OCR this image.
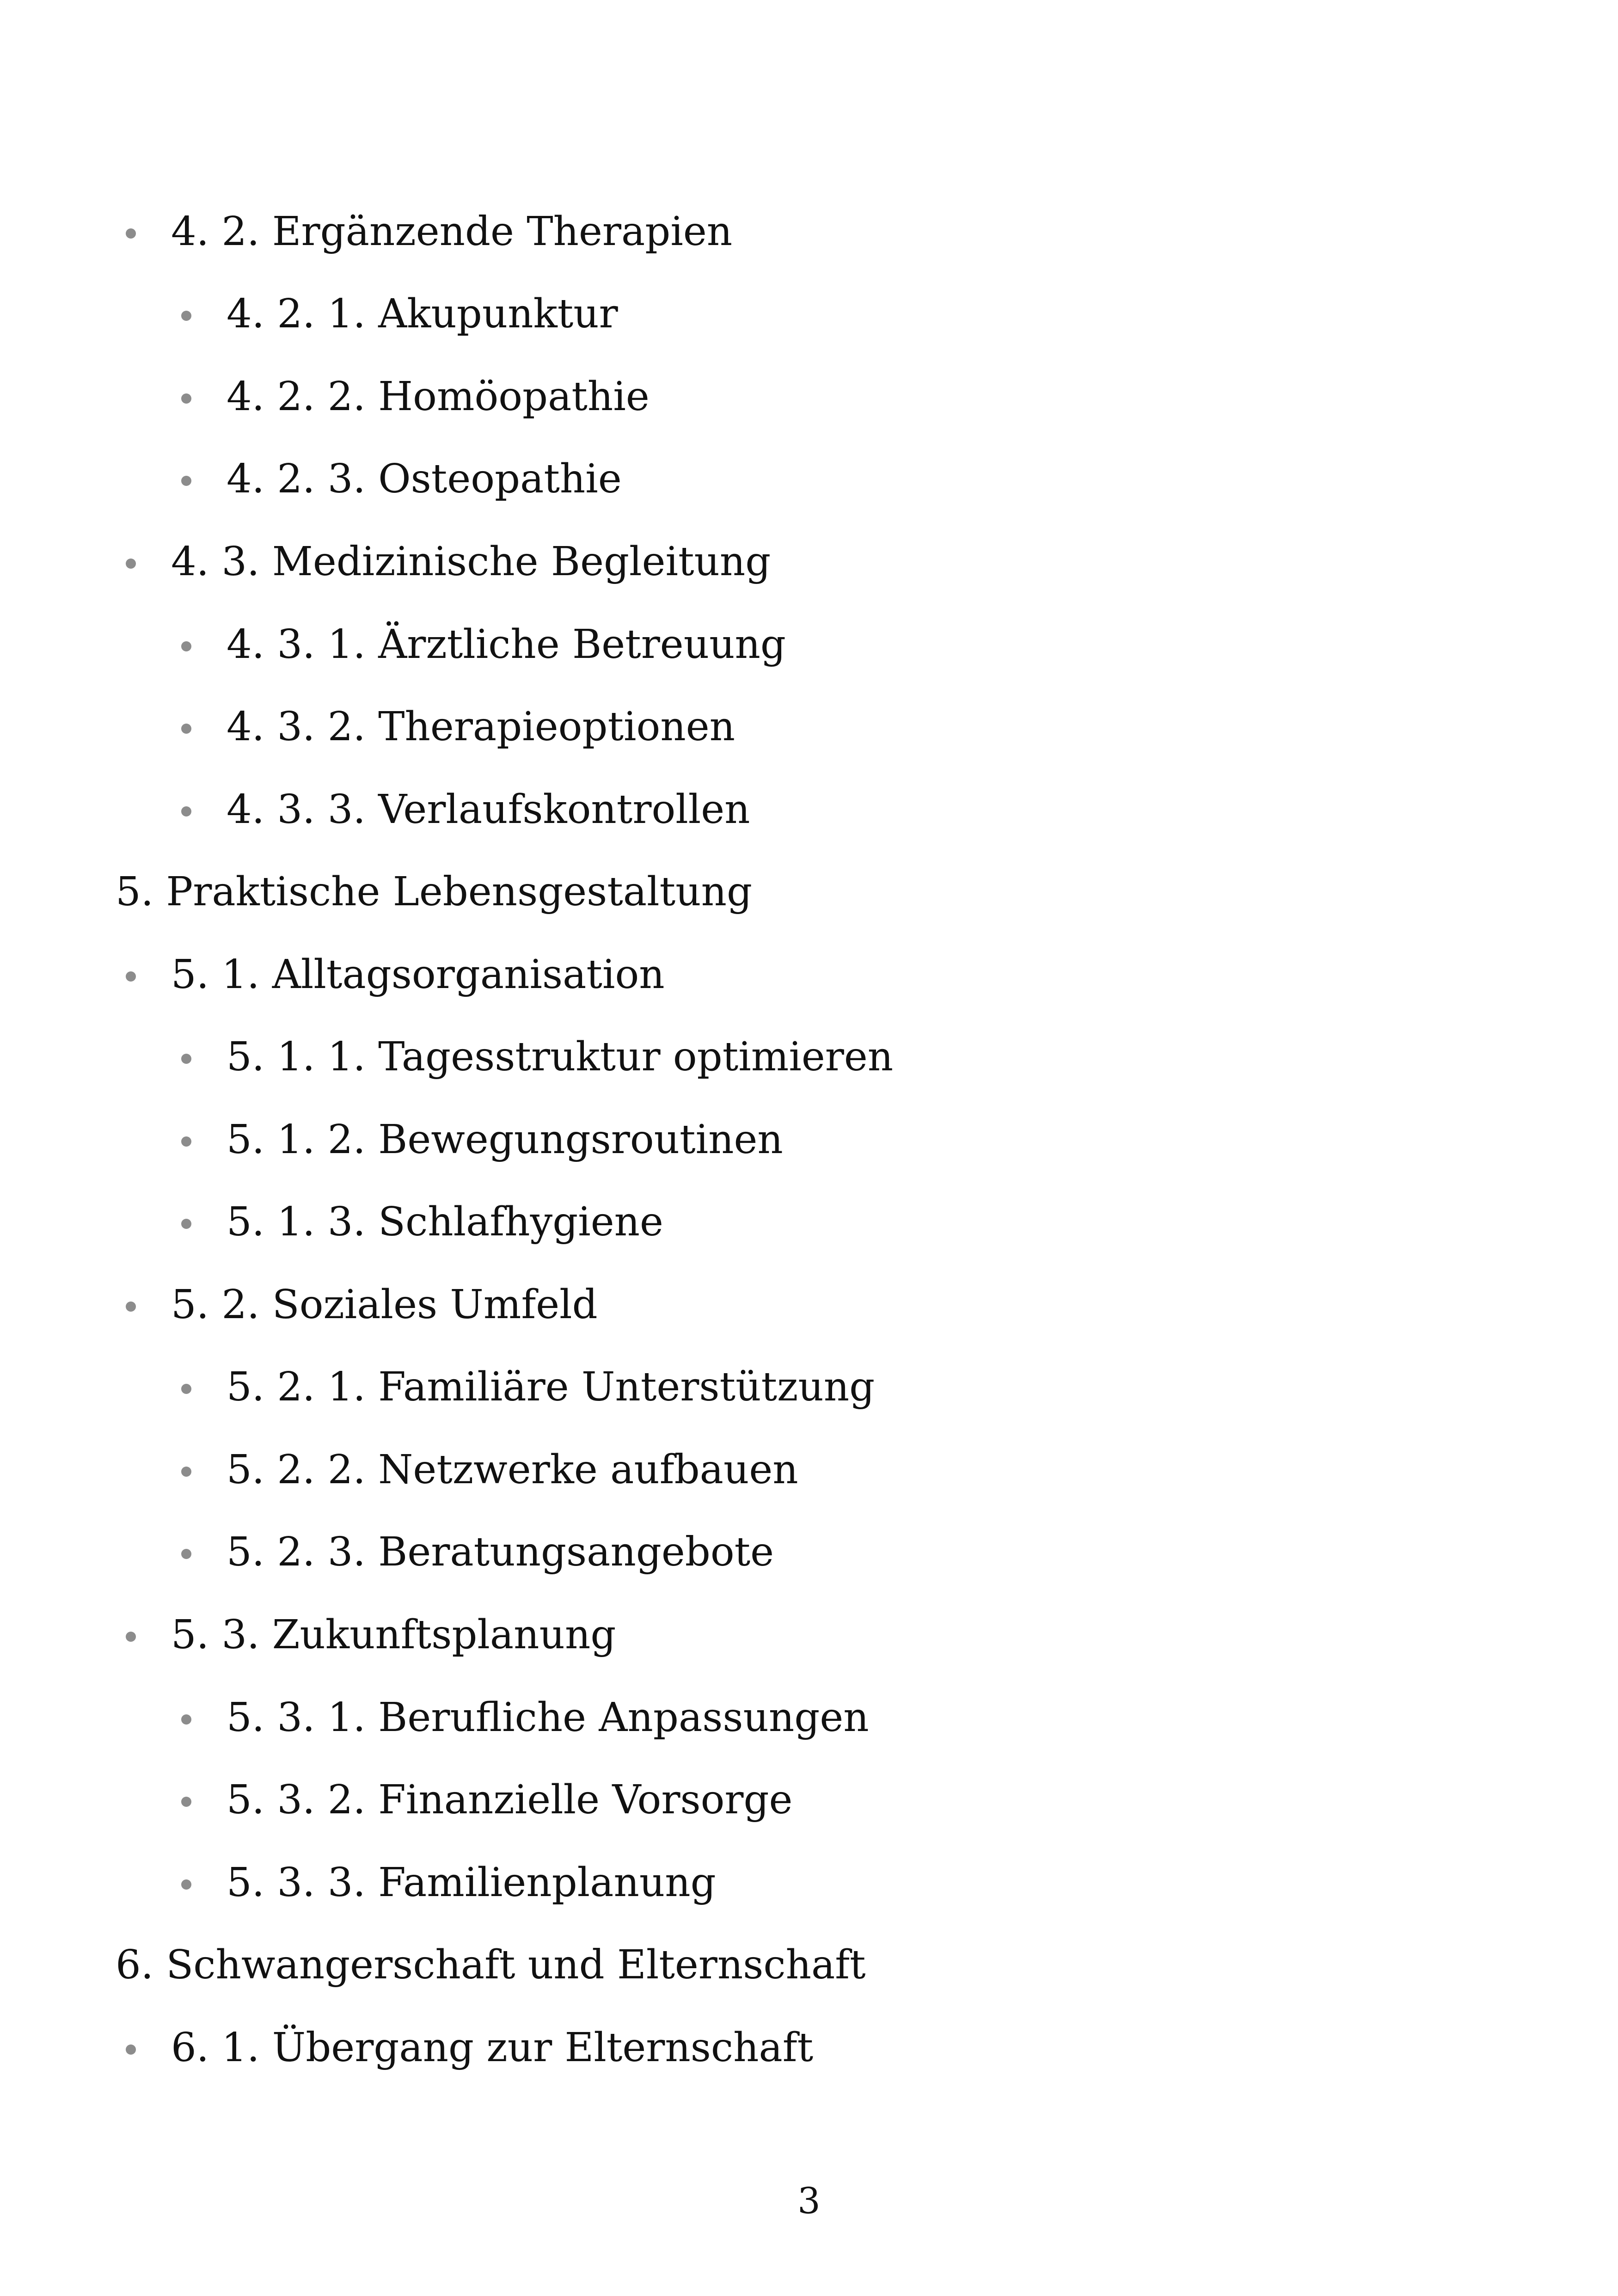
4. 2. Ergänzende Therapien
4. 2. 1. Akupunktur
4. 2. 2. Homöopathie
4. 2. 3. Osteopathie
4. 3. Medizinische Begleitung
4. 3. 1. Ärztliche Betreuung
4. 3. 2. Therapieoptionen
4. 3. 3. Verlaufskontrollen
5. Praktische Lebensgestaltung
5. 1. Alltagsorganisation
5. 1. 1. Tagesstruktur optimieren
5. 1. 2. Bewegungsroutinen
5. 1. 3. Schlafhygiene
5. 2. Soziales Umfeld
5. 2. 1. Familiäre Unterstützung
5. 2. 2. Netzwerke aufbauen
5. 2. 3. Beratungsangebote
5. 3. Zukunftsplanung
5. 3. 1. Berufliche Anpassungen
5. 3. 2. Finanzielle Vorsorge
5. 3. 3. Familienplanung
6. Schwangerschaft und Elternschaft
6. 1. Übergang zur Elternschaft
3
